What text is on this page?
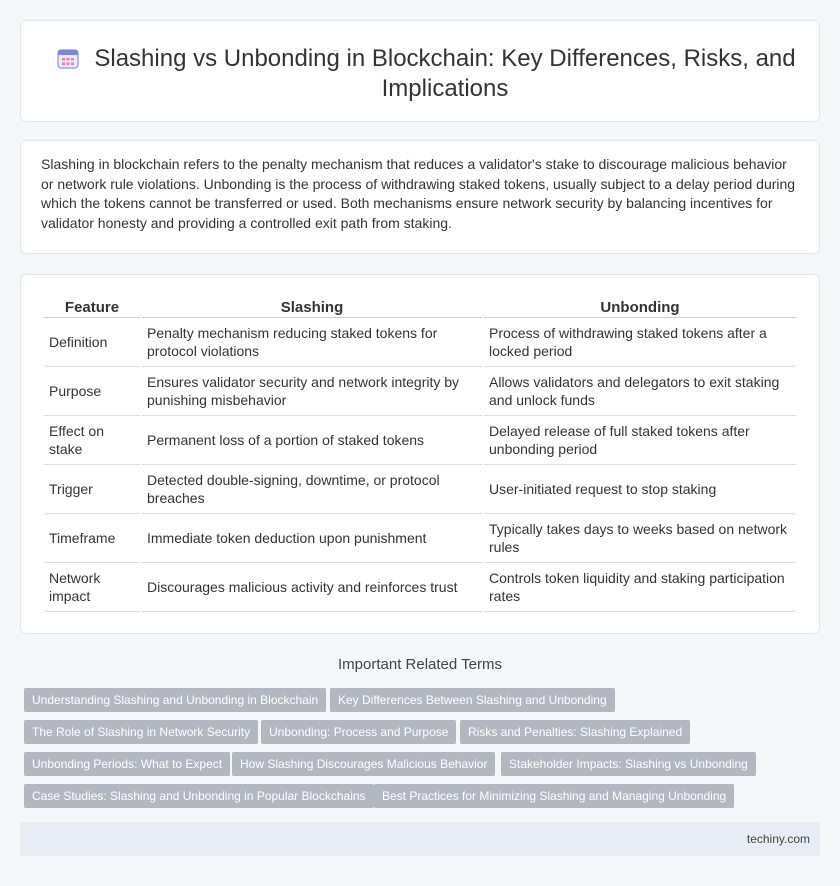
Slashing vs Unbonding in Blockchain: Key Differences, Risks, and Implications

Slashing in blockchain refers to the penalty mechanism that reduces a validator's stake to discourage malicious behavior or network rule violations. Unbonding is the process of withdrawing staked tokens, usually subject to a delay period during which the tokens cannot be transferred or used. Both mechanisms ensure network security by balancing incentives for validator honesty and providing a controlled exit path from staking.

Feature	Slashing	Unbonding
Definition	Penalty mechanism reducing staked tokens for protocol violations	Process of withdrawing staked tokens after a locked period
Purpose	Ensures validator security and network integrity by punishing misbehavior	Allows validators and delegators to exit staking and unlock funds
Effect on stake	Permanent loss of a portion of staked tokens	Delayed release of full staked tokens after unbonding period
Trigger	Detected double-signing, downtime, or protocol breaches	User-initiated request to stop staking
Timeframe	Immediate token deduction upon punishment	Typically takes days to weeks based on network rules
Network impact	Discourages malicious activity and reinforces trust	Controls token liquidity and staking participation rates
Important Related Terms
Understanding Slashing and Unbonding in Blockchain	Key Differences Between Slashing and Unbonding
The Role of Slashing in Network Security	Unbonding: Process and Purpose	Risks and Penalties: Slashing Explained
Unbonding Periods: What to Expect	How Slashing Discourages Malicious Behavior	Stakeholder Impacts: Slashing vs Unbonding
Case Studies: Slashing and Unbonding in Popular Blockchains	Best Practices for Minimizing Slashing and Managing Unbonding
techiny.com
